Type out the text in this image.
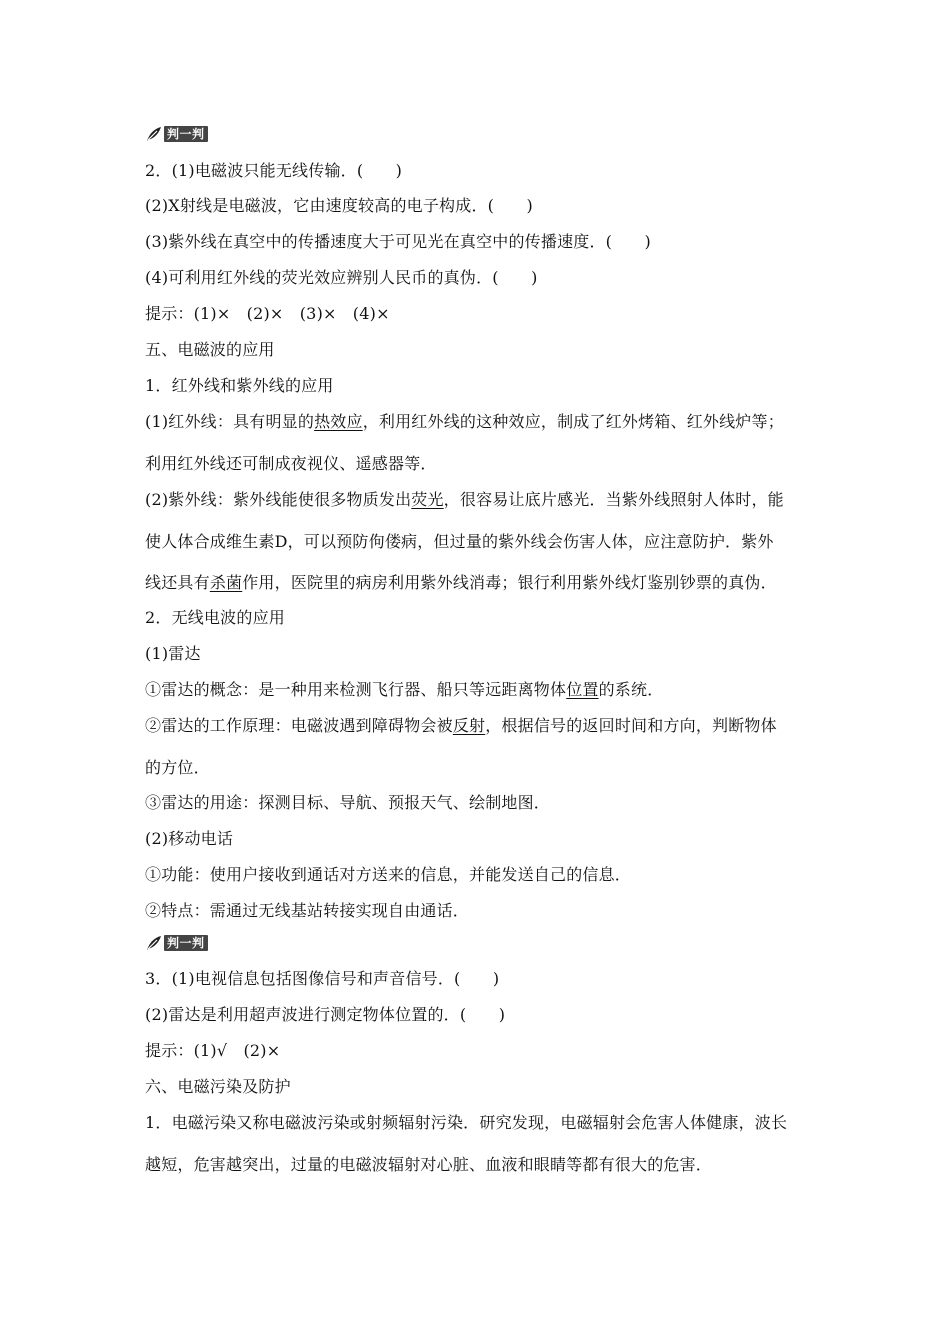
判一判
2．(1)电磁波只能无线传输．(　　)
(2)X射线是电磁波，它由速度较高的电子构成．(　　)
(3)紫外线在真空中的传播速度大于可见光在真空中的传播速度．(　　)
(4)可利用红外线的荧光效应辨别人民币的真伪．(　　)
提示：(1)×　(2)×　(3)×　(4)×
五、电磁波的应用
1．红外线和紫外线的应用
(1)红外线：具有明显的热效应，利用红外线的这种效应，制成了红外烤箱、红外线炉等；
利用红外线还可制成夜视仪、遥感器等．
(2)紫外线：紫外线能使很多物质发出荧光，很容易让底片感光．当紫外线照射人体时，能
使人体合成维生素D，可以预防佝偻病，但过量的紫外线会伤害人体，应注意防护．紫外
线还具有杀菌作用，医院里的病房利用紫外线消毒；银行利用紫外线灯鉴别钞票的真伪．
2．无线电波的应用
(1)雷达
①雷达的概念：是一种用来检测飞行器、船只等远距离物体位置的系统．
②雷达的工作原理：电磁波遇到障碍物会被反射，根据信号的返回时间和方向，判断物体
的方位．
③雷达的用途：探测目标、导航、预报天气、绘制地图．
(2)移动电话
①功能：使用户接收到通话对方送来的信息，并能发送自己的信息．
②特点：需通过无线基站转接实现自由通话．
判一判
3．(1)电视信息包括图像信号和声音信号．(　　)
(2)雷达是利用超声波进行测定物体位置的．(　　)
提示：(1)√　(2)×
六、电磁污染及防护
1．电磁污染又称电磁波污染或射频辐射污染．研究发现，电磁辐射会危害人体健康，波长
越短，危害越突出，过量的电磁波辐射对心脏、血液和眼睛等都有很大的危害．
